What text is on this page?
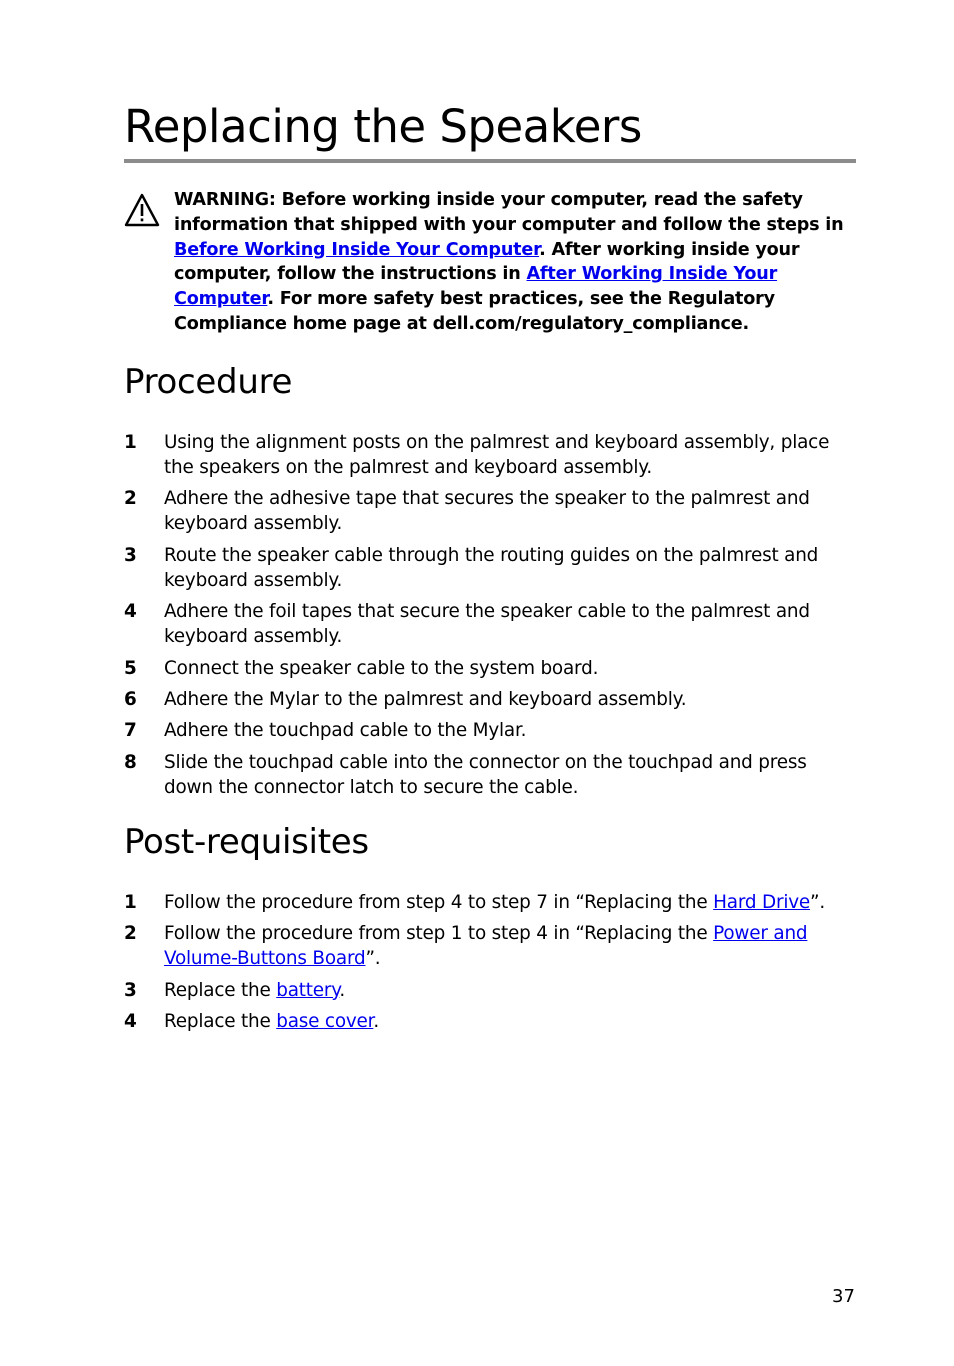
Replacing the Speakers
WARNING: Before working inside your computer, read the safety information that shipped with your computer and follow the steps in Before Working Inside Your Computer. After working inside your computer, follow the instructions in After Working Inside Your Computer. For more safety best practices, see the Regulatory Compliance home page at dell.com/regulatory_compliance.
Procedure
1 Using the alignment posts on the palmrest and keyboard assembly, place the speakers on the palmrest and keyboard assembly.
2 Adhere the adhesive tape that secures the speaker to the palmrest and keyboard assembly.
3 Route the speaker cable through the routing guides on the palmrest and keyboard assembly.
4 Adhere the foil tapes that secure the speaker cable to the palmrest and keyboard assembly.
5 Connect the speaker cable to the system board.
6 Adhere the Mylar to the palmrest and keyboard assembly.
7 Adhere the touchpad cable to the Mylar.
8 Slide the touchpad cable into the connector on the touchpad and press down the connector latch to secure the cable.
Post-requisites
1 Follow the procedure from step 4 to step 7 in “Replacing the Hard Drive”.
2 Follow the procedure from step 1 to step 4 in “Replacing the Power and Volume-Buttons Board”.
3 Replace the battery.
4 Replace the base cover.
37
